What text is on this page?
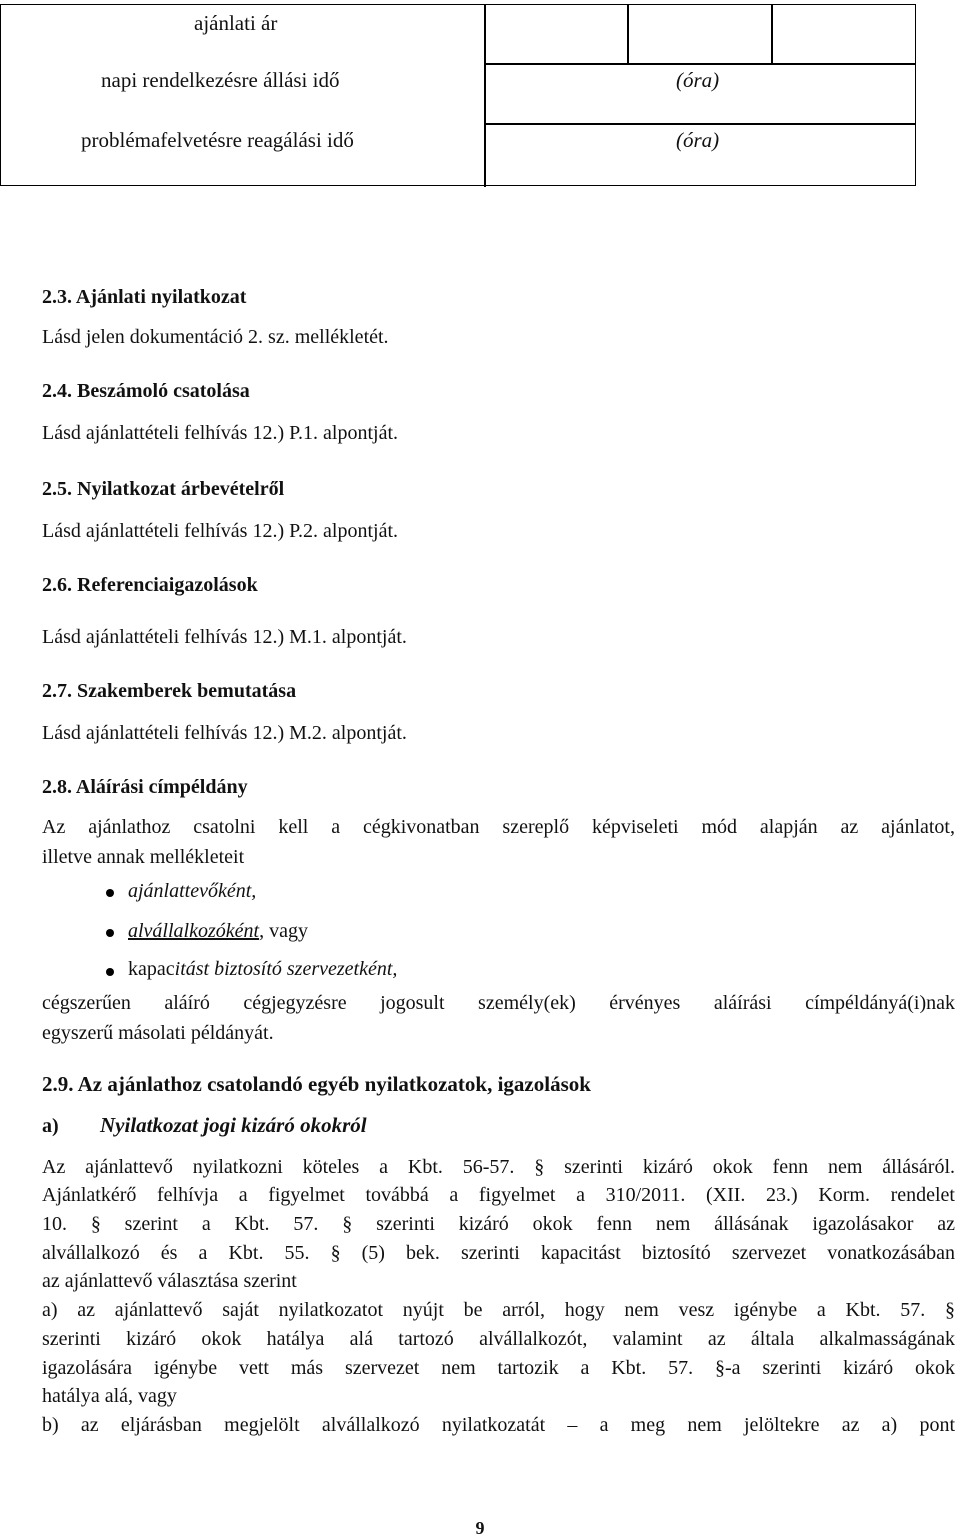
ajánlati ár
napi rendelkezésre állási idő	(óra)
problémafelvetésre reagálási idő	(óra)
2.3. Ajánlati nyilatkozat
Lásd jelen dokumentáció 2. sz. mellékletét.
2.4. Beszámoló csatolása
Lásd ajánlattételi felhívás 12.) P.1. alpontját.
2.5. Nyilatkozat árbevételről
Lásd ajánlattételi felhívás 12.) P.2. alpontját.
2.6. Referenciaigazolások
Lásd ajánlattételi felhívás 12.) M.1. alpontját.
2.7. Szakemberek bemutatása
Lásd ajánlattételi felhívás 12.) M.2. alpontját.
2.8. Aláírási címpéldány
Az ajánlathoz csatolni kell a cégkivonatban szereplő képviseleti mód alapján az ajánlatot,
illetve annak mellékleteit
ajánlattevőként,
alvállalkozóként, vagy
kapacitást biztosító szervezetként,
cégszerűen aláíró cégjegyzésre jogosult személy(ek) érvényes aláírási címpéldányá(i)nak
egyszerű másolati példányát.
2.9. Az ajánlathoz csatolandó egyéb nyilatkozatok, igazolások
a) Nyilatkozat jogi kizáró okokról
Az ajánlattevő nyilatkozni köteles a Kbt. 56-57. § szerinti kizáró okok fenn nem állásáról.
Ajánlatkérő felhívja a figyelmet továbbá a figyelmet a 310/2011. (XII. 23.) Korm. rendelet
10. § szerint a Kbt. 57. § szerinti kizáró okok fenn nem állásának igazolásakor az
alvállalkozó és a Kbt. 55. § (5) bek. szerinti kapacitást biztosító szervezet vonatkozásában
az ajánlattevő választása szerint
a) az ajánlattevő saját nyilatkozatot nyújt be arról, hogy nem vesz igénybe a Kbt. 57. §
szerinti kizáró okok hatálya alá tartozó alvállalkozót, valamint az általa alkalmasságának
igazolására igénybe vett más szervezet nem tartozik a Kbt. 57. §-a szerinti kizáró okok
hatálya alá, vagy
b) az eljárásban megjelölt alvállalkozó nyilatkozatát – a meg nem jelöltekre az a) pont
9
